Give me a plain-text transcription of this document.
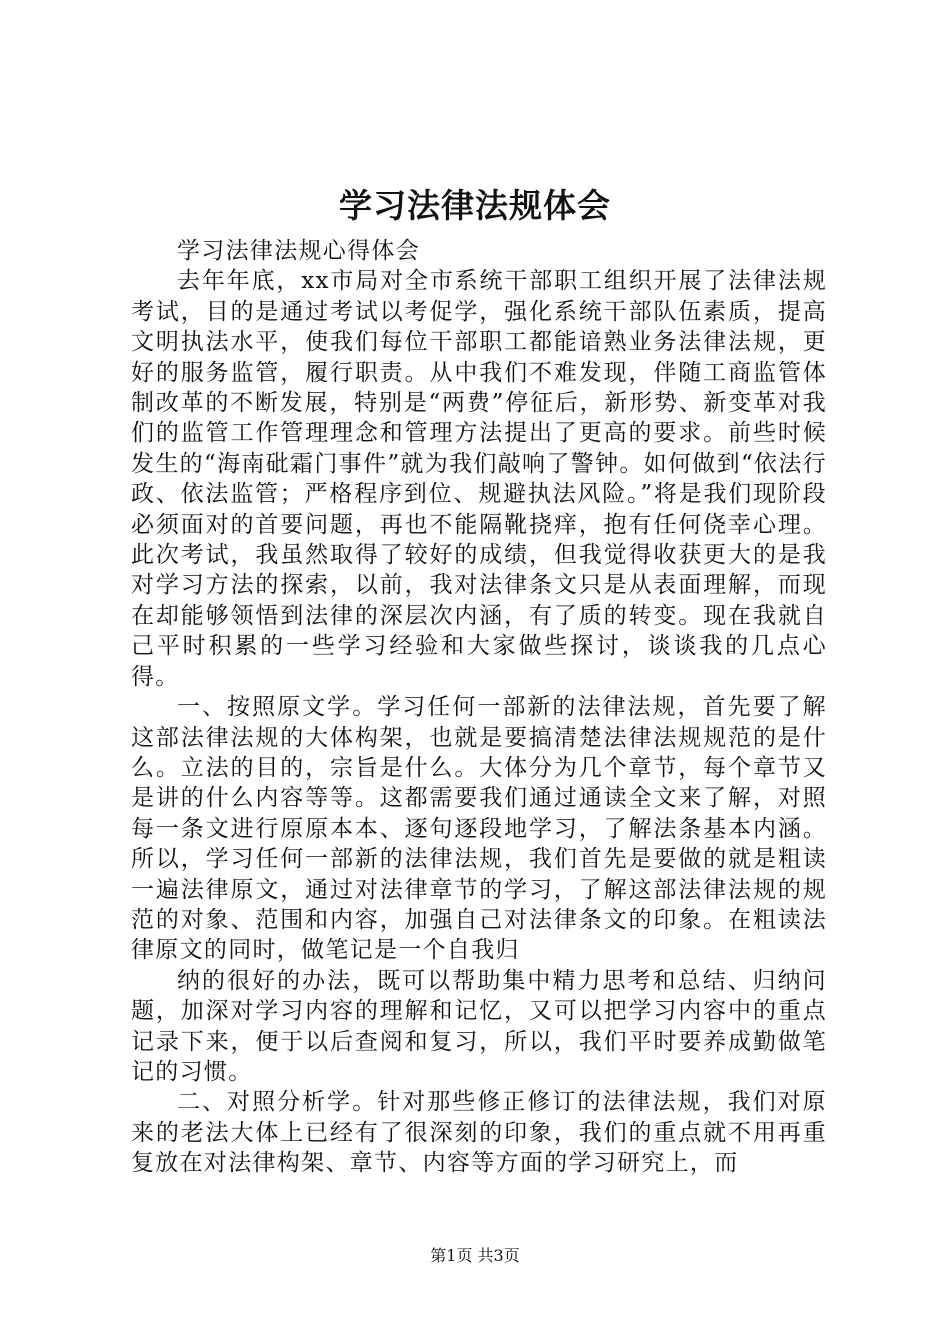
学习法律法规体会

学习法律法规心得体会

去年年底，xx市局对全市系统干部职工组织开展了法律法规考试，目的是通过考试以考促学，强化系统干部队伍素质，提高文明执法水平，使我们每位干部职工都能谙熟业务法律法规，更好的服务监管，履行职责。从中我们不难发现，伴随工商监管体制改革的不断发展，特别是“两费”停征后，新形势、新变革对我们的监管工作管理理念和管理方法提出了更高的要求。前些时候发生的“海南砒霜门事件”就为我们敲响了警钟。如何做到“依法行政、依法监管；严格程序到位、规避执法风险。”将是我们现阶段必须面对的首要问题，再也不能隔靴挠痒，抱有任何侥幸心理。此次考试，我虽然取得了较好的成绩，但我觉得收获更大的是我对学习方法的探索，以前，我对法律条文只是从表面理解，而现在却能够领悟到法律的深层次内涵，有了质的转变。现在我就自己平时积累的一些学习经验和大家做些探讨，谈谈我的几点心得。

一、按照原文学。学习任何一部新的法律法规，首先要了解这部法律法规的大体构架，也就是要搞清楚法律法规规范的是什么。立法的目的，宗旨是什么。大体分为几个章节，每个章节又是讲的什么内容等等。这都需要我们通过通读全文来了解，对照每一条文进行原原本本、逐句逐段地学习，了解法条基本内涵。所以，学习任何一部新的法律法规，我们首先是要做的就是粗读一遍法律原文，通过对法律章节的学习，了解这部法律法规的规范的对象、范围和内容，加强自己对法律条文的印象。在粗读法律原文的同时，做笔记是一个自我归

纳的很好的办法，既可以帮助集中精力思考和总结、归纳问题，加深对学习内容的理解和记忆，又可以把学习内容中的重点记录下来，便于以后查阅和复习，所以，我们平时要养成勤做笔记的习惯。

二、对照分析学。针对那些修正修订的法律法规，我们对原来的老法大体上已经有了很深刻的印象，我们的重点就不用再重复放在对法律构架、章节、内容等方面的学习研究上，而

第1页 共3页
